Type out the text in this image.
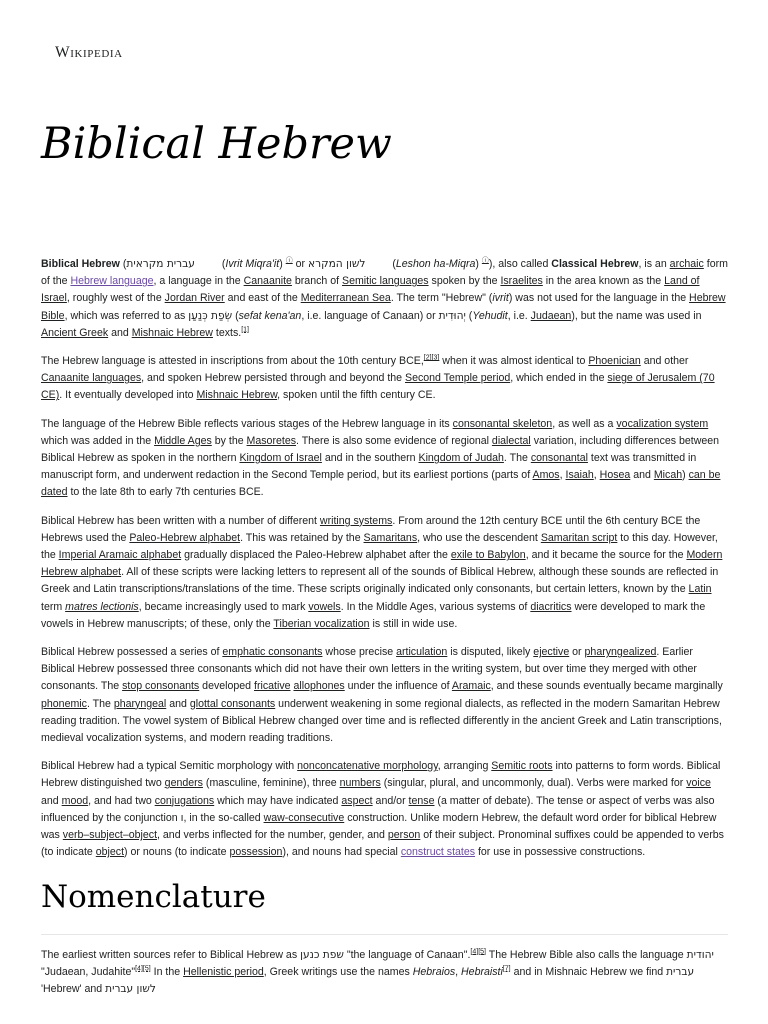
Wikipedia
Biblical Hebrew

Biblical Hebrew (עברית מקראית (Ivrit Miqra'it) ⓘ or לשון המקרא (Leshon ha-Miqra) ⓘ), also called Classical Hebrew, is an archaic form of the Hebrew language, a language in the Canaanite branch of Semitic languages spoken by the Israelites in the area known as the Land of Israel, roughly west of the Jordan River and east of the Mediterranean Sea. The term "Hebrew" (ivrit) was not used for the language in the Hebrew Bible, which was referred to as שְׂפַת כְּנַעַן (sefat kena'an, i.e. language of Canaan) or יְהוּדִית (Yehudit, i.e. Judaean), but the name was used in Ancient Greek and Mishnaic Hebrew texts.[1]

The Hebrew language is attested in inscriptions from about the 10th century BCE,[2][3] when it was almost identical to Phoenician and other Canaanite languages, and spoken Hebrew persisted through and beyond the Second Temple period, which ended in the siege of Jerusalem (70 CE). It eventually developed into Mishnaic Hebrew, spoken until the fifth century CE.

The language of the Hebrew Bible reflects various stages of the Hebrew language in its consonantal skeleton, as well as a vocalization system which was added in the Middle Ages by the Masoretes. There is also some evidence of regional dialectal variation, including differences between Biblical Hebrew as spoken in the northern Kingdom of Israel and in the southern Kingdom of Judah. The consonantal text was transmitted in manuscript form, and underwent redaction in the Second Temple period, but its earliest portions (parts of Amos, Isaiah, Hosea and Micah) can be dated to the late 8th to early 7th centuries BCE.

Biblical Hebrew has been written with a number of different writing systems. From around the 12th century BCE until the 6th century BCE the Hebrews used the Paleo-Hebrew alphabet. This was retained by the Samaritans, who use the descendent Samaritan script to this day. However, the Imperial Aramaic alphabet gradually displaced the Paleo-Hebrew alphabet after the exile to Babylon, and it became the source for the Modern Hebrew alphabet. All of these scripts were lacking letters to represent all of the sounds of Biblical Hebrew, although these sounds are reflected in Greek and Latin transcriptions/translations of the time. These scripts originally indicated only consonants, but certain letters, known by the Latin term matres lectionis, became increasingly used to mark vowels. In the Middle Ages, various systems of diacritics were developed to mark the vowels in Hebrew manuscripts; of these, only the Tiberian vocalization is still in wide use.

Biblical Hebrew possessed a series of emphatic consonants whose precise articulation is disputed, likely ejective or pharyngealized. Earlier Biblical Hebrew possessed three consonants which did not have their own letters in the writing system, but over time they merged with other consonants. The stop consonants developed fricative allophones under the influence of Aramaic, and these sounds eventually became marginally phonemic. The pharyngeal and glottal consonants underwent weakening in some regional dialects, as reflected in the modern Samaritan Hebrew reading tradition. The vowel system of Biblical Hebrew changed over time and is reflected differently in the ancient Greek and Latin transcriptions, medieval vocalization systems, and modern reading traditions.

Biblical Hebrew had a typical Semitic morphology with nonconcatenative morphology, arranging Semitic roots into patterns to form words. Biblical Hebrew distinguished two genders (masculine, feminine), three numbers (singular, plural, and uncommonly, dual). Verbs were marked for voice and mood, and had two conjugations which may have indicated aspect and/or tense (a matter of debate). The tense or aspect of verbs was also influenced by the conjunction ו, in the so-called waw-consecutive construction. Unlike modern Hebrew, the default word order for biblical Hebrew was verb–subject–object, and verbs inflected for the number, gender, and person of their subject. Pronominal suffixes could be appended to verbs (to indicate object) or nouns (to indicate possession), and nouns had special construct states for use in possessive constructions.

Nomenclature

The earliest written sources refer to Biblical Hebrew as שפת כנען "the language of Canaan".[4][5] The Hebrew Bible also calls the language יהודית "Judaean, Judahite"[4][5] In the Hellenistic period, Greek writings use the names Hebraios, Hebraisti[7] and in Mishnaic Hebrew we find עברית 'Hebrew' and לשון עברית
